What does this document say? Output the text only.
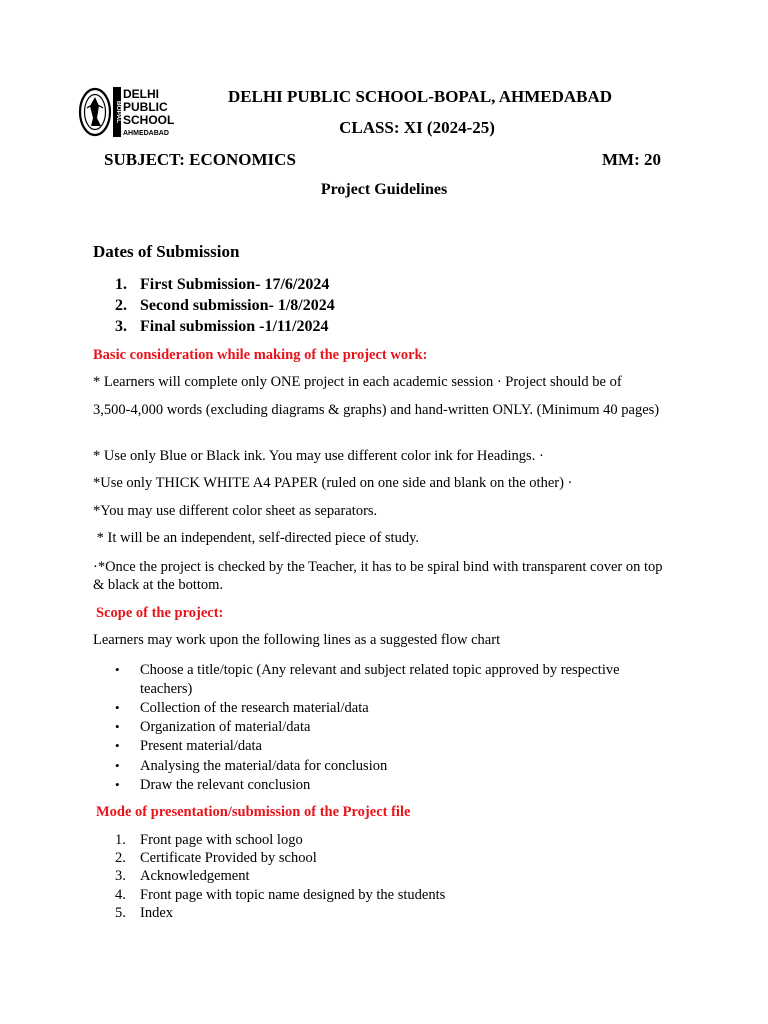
BOPAL
DELHI
PUBLIC
SCHOOL
AHMEDABAD
DELHI PUBLIC SCHOOL-BOPAL, AHMEDABAD
CLASS: XI (2024-25)
SUBJECT: ECONOMICS	MM: 20
Project Guidelines
Dates of Submission
1. First Submission- 17/6/2024
2. Second submission- 1/8/2024
3. Final submission -1/11/2024
Basic consideration while making of the project work:
* Learners will complete only ONE project in each academic session · Project should be of
3,500-4,000 words (excluding diagrams & graphs) and hand-written ONLY. (Minimum 40 pages)
* Use only Blue or Black ink. You may use different color ink for Headings. ·
*Use only THICK WHITE A4 PAPER (ruled on one side and blank on the other) ·
*You may use different color sheet as separators.
* It will be an independent, self-directed piece of study.
·*Once the project is checked by the Teacher, it has to be spiral bind with transparent cover on top & black at the bottom.
Scope of the project:
Learners may work upon the following lines as a suggested flow chart
•	Choose a title/topic (Any relevant and subject related topic approved by respective teachers)
•	Collection of the research material/data
•	Organization of material/data
•	Present material/data
•	Analysing the material/data for conclusion
•	Draw the relevant conclusion
Mode of presentation/submission of the Project file
1. Front page with school logo
2. Certificate Provided by school
3. Acknowledgement
4. Front page with topic name designed by the students
5. Index
